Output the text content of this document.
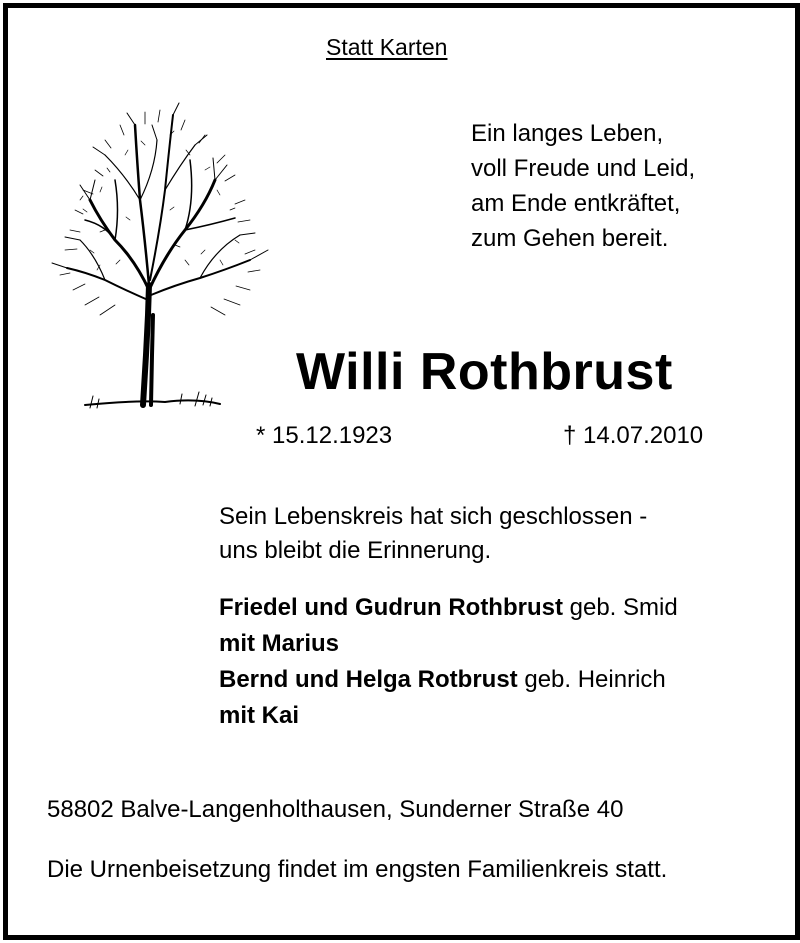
Statt Karten
Ein langes Leben,
voll Freude und Leid,
am Ende entkräftet,
zum Gehen bereit.
Willi Rothbrust
* 15.12.1923	† 14.07.2010
Sein Lebenskreis hat sich geschlossen -
uns bleibt die Erinnerung.
Friedel und Gudrun Rothbrust geb. Smid
mit Marius
Bernd und Helga Rotbrust geb. Heinrich
mit Kai
58802 Balve-Langenholthausen, Sunderner Straße 40
Die Urnenbeisetzung findet im engsten Familienkreis statt.
